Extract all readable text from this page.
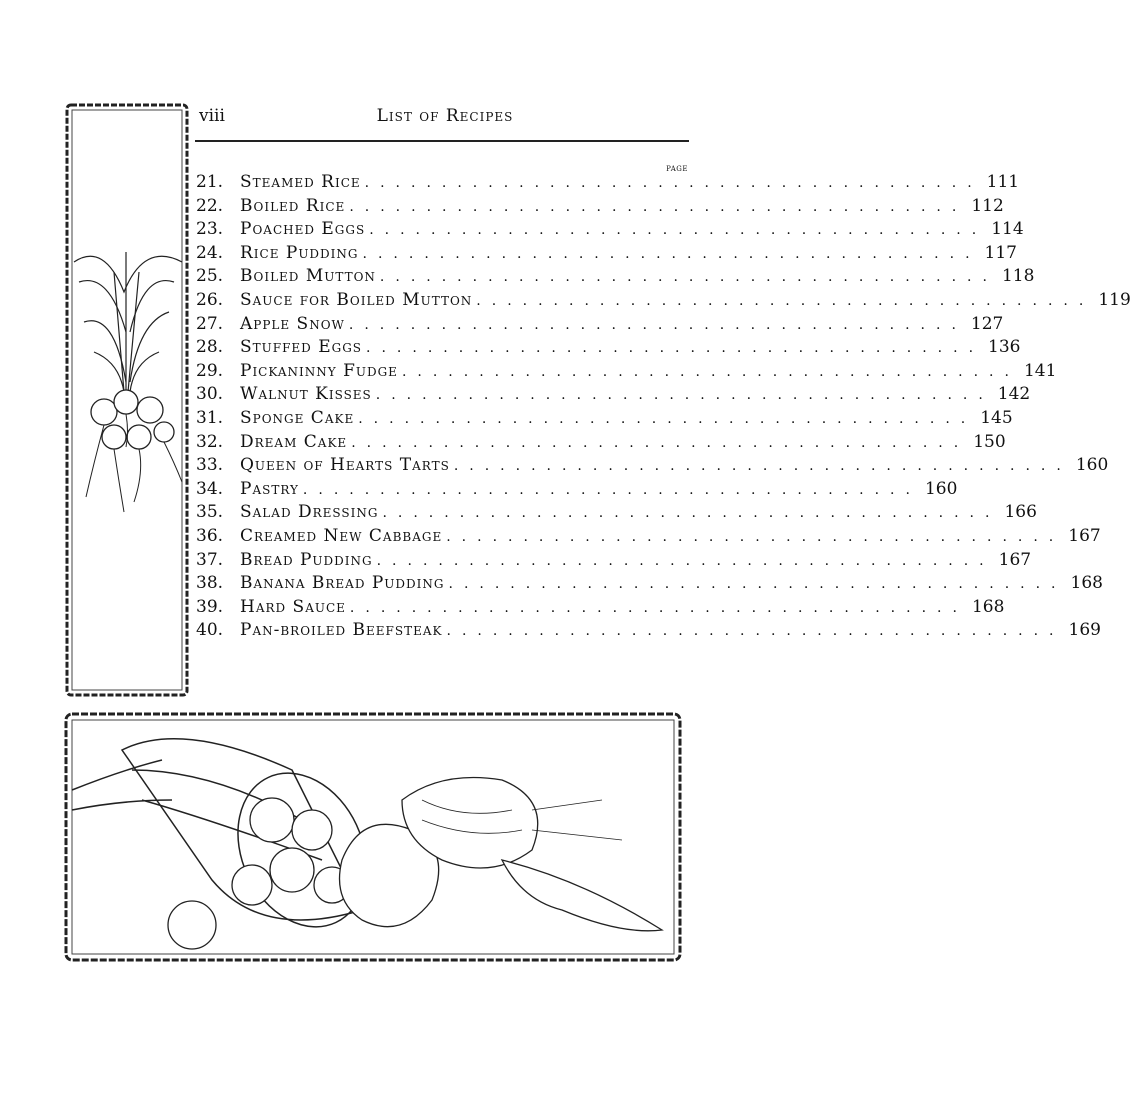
viii	List of Recipes
PAGE
21. Steamed Rice ........................................ 111
22. Boiled Rice ........................................ 112
23. Poached Eggs ........................................ 114
24. Rice Pudding ........................................ 117
25. Boiled Mutton ........................................ 118
26. Sauce for Boiled Mutton ........................................ 119
27. Apple Snow ........................................ 127
28. Stuffed Eggs ........................................ 136
29. Pickaninny Fudge ........................................ 141
30. Walnut Kisses ........................................ 142
31. Sponge Cake ........................................ 145
32. Dream Cake ........................................ 150
33. Queen of Hearts Tarts ........................................ 160
34. Pastry ........................................ 160
35. Salad Dressing ........................................ 166
36. Creamed New Cabbage ........................................ 167
37. Bread Pudding ........................................ 167
38. Banana Bread Pudding ........................................ 168
39. Hard Sauce ........................................ 168
40. Pan-broiled Beefsteak ........................................ 169
